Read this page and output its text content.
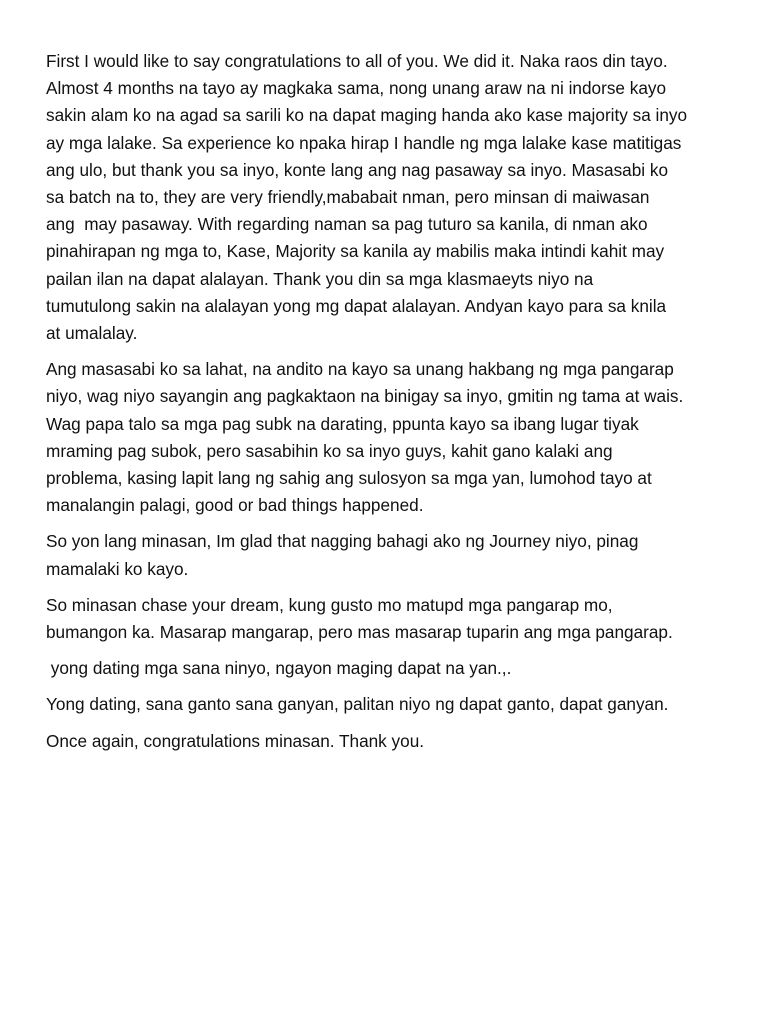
First I would like to say congratulations to all of you. We did it. Naka raos din tayo.
Almost 4 months na tayo ay magkaka sama, nong unang araw na ni indorse kayo
sakin alam ko na agad sa sarili ko na dapat maging handa ako kase majority sa inyo
ay mga lalake. Sa experience ko npaka hirap I handle ng mga lalake kase matitigas
ang ulo, but thank you sa inyo, konte lang ang nag pasaway sa inyo. Masasabi ko
sa batch na to, they are very friendly,mababait nman, pero minsan di maiwasan
ang  may pasaway. With regarding naman sa pag tuturo sa kanila, di nman ako
pinahirapan ng mga to, Kase, Majority sa kanila ay mabilis maka intindi kahit may
pailan ilan na dapat alalayan. Thank you din sa mga klasmaeyts niyo na
tumutulong sakin na alalayan yong mg dapat alalayan. Andyan kayo para sa knila
at umalalay.

Ang masasabi ko sa lahat, na andito na kayo sa unang hakbang ng mga pangarap
niyo, wag niyo sayangin ang pagkaktaon na binigay sa inyo, gmitin ng tama at wais.
Wag papa talo sa mga pag subk na darating, ppunta kayo sa ibang lugar tiyak
mraming pag subok, pero sasabihin ko sa inyo guys, kahit gano kalaki ang
problema, kasing lapit lang ng sahig ang sulosyon sa mga yan, lumohod tayo at
manalangin palagi, good or bad things happened.

So yon lang minasan, Im glad that nagging bahagi ako ng Journey niyo, pinag
mamalaki ko kayo.

So minasan chase your dream, kung gusto mo matupd mga pangarap mo,
bumangon ka. Masarap mangarap, pero mas masarap tuparin ang mga pangarap.

yong dating mga sana ninyo, ngayon maging dapat na yan.,.

Yong dating, sana ganto sana ganyan, palitan niyo ng dapat ganto, dapat ganyan.

Once again, congratulations minasan. Thank you.
